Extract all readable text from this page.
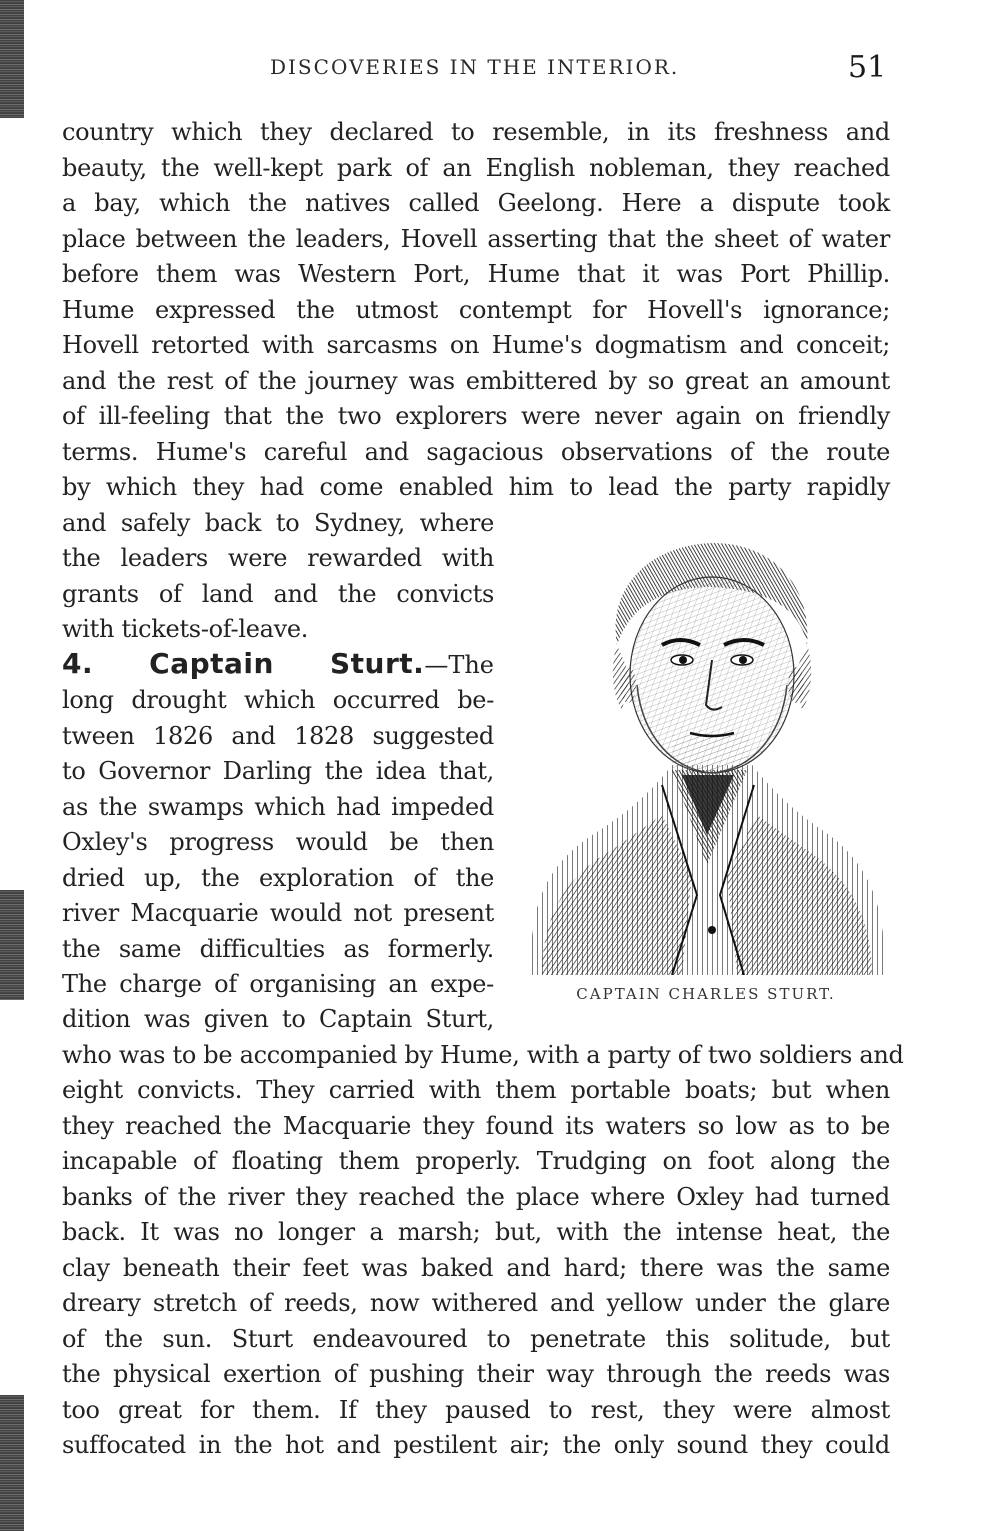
DISCOVERIES IN THE INTERIOR.	51
country which they declared to resemble, in its freshness and
beauty, the well-kept park of an English nobleman, they reached
a bay, which the natives called Geelong. Here a dispute took
place between the leaders, Hovell asserting that the sheet of water
before them was Western Port, Hume that it was Port Phillip.
Hume expressed the utmost contempt for Hovell's ignorance;
Hovell retorted with sarcasms on Hume's dogmatism and conceit;
and the rest of the journey was embittered by so great an amount
of ill-feeling that the two explorers were never again on friendly
terms. Hume's careful and sagacious observations of the route
by which they had come enabled him to lead the party rapidly
and safely back to Sydney, where
the leaders were rewarded with
grants of land and the convicts
with tickets-of-leave.
4. Captain Sturt.—The
long drought which occurred be-
tween 1826 and 1828 suggested
to Governor Darling the idea that,
as the swamps which had impeded
Oxley's progress would be then
dried up, the exploration of the
river Macquarie would not present
the same difficulties as formerly.
The charge of organising an expe-
dition was given to Captain Sturt,
who was to be accompanied by Hume, with a party of two soldiers and
eight convicts. They carried with them portable boats; but when
they reached the Macquarie they found its waters so low as to be
incapable of floating them properly. Trudging on foot along the
banks of the river they reached the place where Oxley had turned
back. It was no longer a marsh; but, with the intense heat, the
clay beneath their feet was baked and hard; there was the same
dreary stretch of reeds, now withered and yellow under the glare
of the sun. Sturt endeavoured to penetrate this solitude, but
the physical exertion of pushing their way through the reeds was
too great for them. If they paused to rest, they were almost
suffocated in the hot and pestilent air; the only sound they could
CAPTAIN CHARLES STURT.
